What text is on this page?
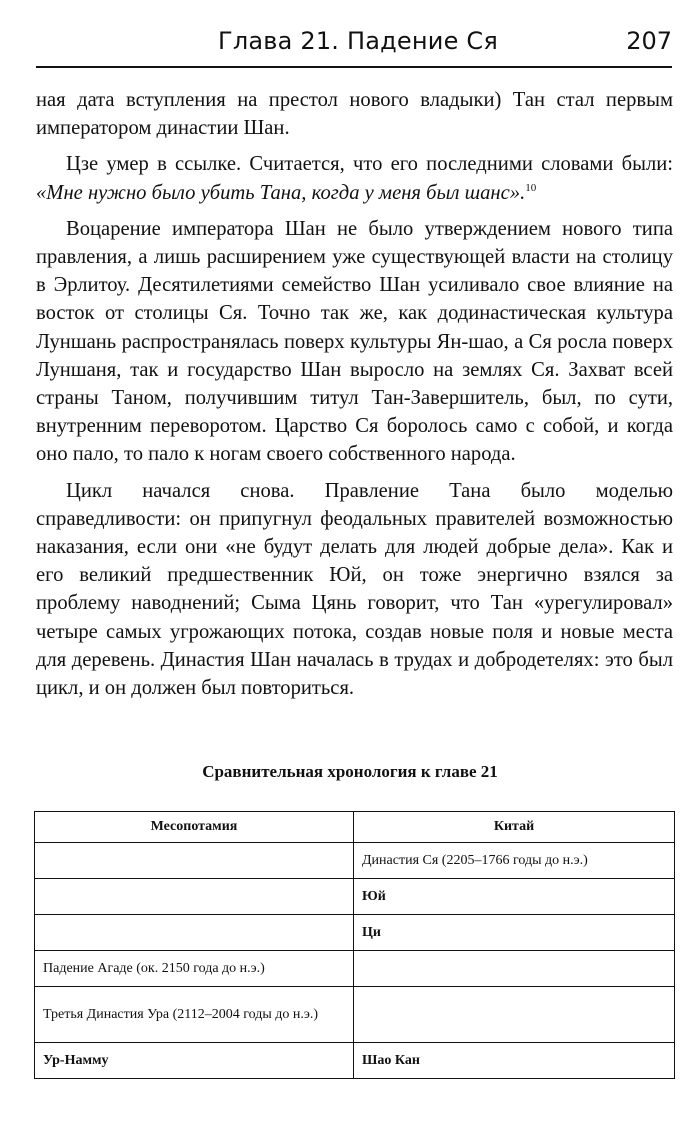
Глава 21. Падение Ся	207

ная дата вступления на престол нового владыки) Тан стал первым императором династии Шан.

Цзе умер в ссылке. Считается, что его последними словами были: «Мне нужно было убить Тана, когда у меня был шанс».$^{10}$

Воцарение императора Шан не было утверждением нового типа правления, а лишь расширением уже существующей власти на столицу в Эрлитоу. Десятилетиями семейство Шан усиливало свое влияние на восток от столицы Ся. Точно так же, как додинастическая культура Луншань распространялась поверх культуры Ян-шао, а Ся росла поверх Луншаня, так и государство Шан выросло на землях Ся. Захват всей страны Таном, получившим титул Тан-Завершитель, был, по сути, внутренним переворотом. Царство Ся боролось само с собой, и когда оно пало, то пало к ногам своего собственного народа.

Цикл начался снова. Правление Тана было моделью справедливости: он припугнул феодальных правителей возможностью наказания, если они «не будут делать для людей добрые дела». Как и его великий предшественник Юй, он тоже энергично взялся за проблему наводнений; Сыма Цянь говорит, что Тан «урегулировал» четыре самых угрожающих потока, создав новые поля и новые места для деревень. Династия Шан началась в трудах и добродетелях: это был цикл, и он должен был повториться.

Сравнительная хронология к главе 21
Месопотамия	Китай
	Династия Ся (2205–1766 годы до н.э.)
	Юй
	Ци
Падение Агаде (ок. 2150 года до н.э.)	
Третья Династия Ура (2112–2004 годы до н.э.)	
Ур-Намму	Шао Кан
